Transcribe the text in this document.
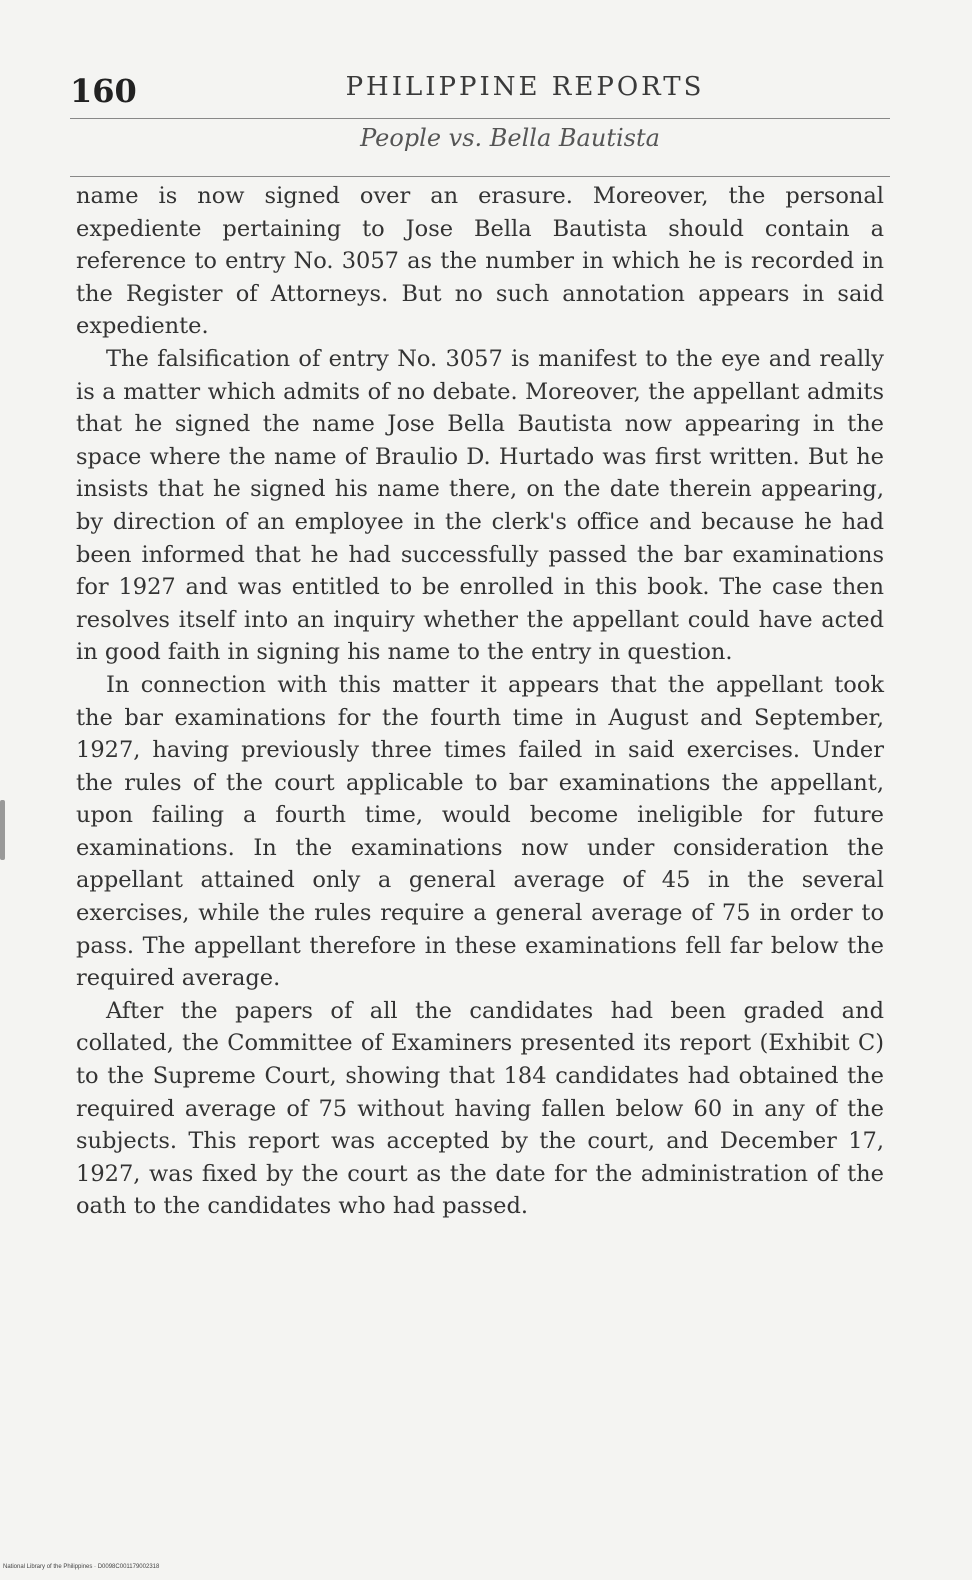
160	PHILIPPINE REPORTS
People vs. Bella Bautista

name is now signed over an erasure. Moreover, the personal expediente pertaining to Jose Bella Bautista should contain a reference to entry No. 3057 as the number in which he is recorded in the Register of Attorneys. But no such annotation appears in said expediente.

The falsification of entry No. 3057 is manifest to the eye and really is a matter which admits of no debate. Moreover, the appellant admits that he signed the name Jose Bella Bautista now appearing in the space where the name of Braulio D. Hurtado was first written. But he insists that he signed his name there, on the date therein appearing, by direction of an employee in the clerk's office and because he had been informed that he had successfully passed the bar examinations for 1927 and was entitled to be enrolled in this book. The case then resolves itself into an inquiry whether the appellant could have acted in good faith in signing his name to the entry in question.

In connection with this matter it appears that the appellant took the bar examinations for the fourth time in August and September, 1927, having previously three times failed in said exercises. Under the rules of the court applicable to bar examinations the appellant, upon failing a fourth time, would become ineligible for future examinations. In the examinations now under consideration the appellant attained only a general average of 45 in the several exercises, while the rules require a general average of 75 in order to pass. The appellant therefore in these examinations fell far below the required average.

After the papers of all the candidates had been graded and collated, the Committee of Examiners presented its report (Exhibit C) to the Supreme Court, showing that 184 candidates had obtained the required average of 75 without having fallen below 60 in any of the subjects. This report was accepted by the court, and December 17, 1927, was fixed by the court as the date for the administration of the oath to the candidates who had passed.

National Library of the Philippines · D0098C001179002318
